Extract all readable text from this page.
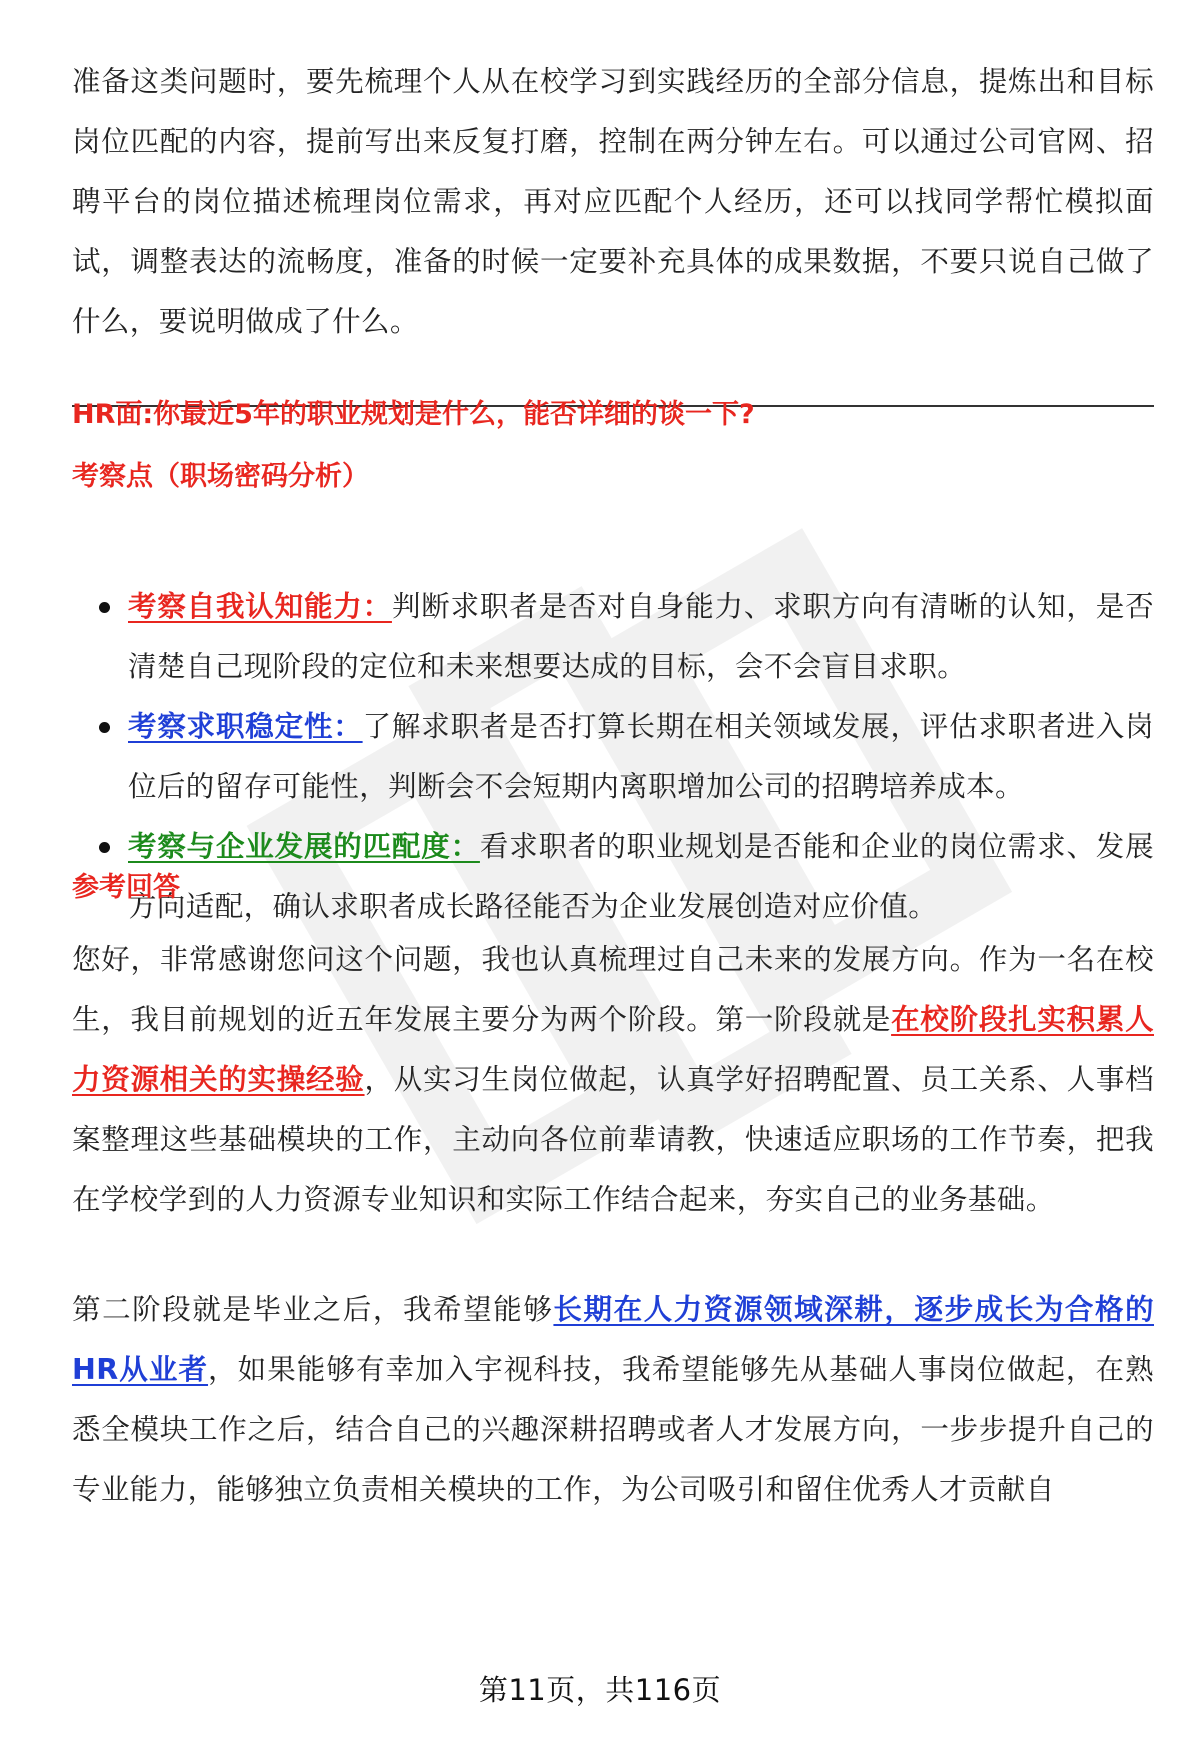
准备这类问题时，要先梳理个人从在校学习到实践经历的全部分信息，提炼出和目标岗位匹配的内容，提前写出来反复打磨，控制在两分钟左右。可以通过公司官网、招聘平台的岗位描述梳理岗位需求，再对应匹配个人经历，还可以找同学帮忙模拟面试，调整表达的流畅度，准备的时候一定要补充具体的成果数据，不要只说自己做了什么，要说明做成了什么。

HR面:你最近5年的职业规划是什么，能否详细的谈一下?
考察点（职场密码分析）
考察自我认知能力：判断求职者是否对自身能力、求职方向有清晰的认知，是否清楚自己现阶段的定位和未来想要达成的目标，会不会盲目求职。
考察求职稳定性：了解求职者是否打算长期在相关领域发展，评估求职者进入岗位后的留存可能性，判断会不会短期内离职增加公司的招聘培养成本。
考察与企业发展的匹配度：看求职者的职业规划是否能和企业的岗位需求、发展方向适配，确认求职者成长路径能否为企业发展创造对应价值。
参考回答

您好，非常感谢您问这个问题，我也认真梳理过自己未来的发展方向。作为一名在校生，我目前规划的近五年发展主要分为两个阶段。第一阶段就是在校阶段扎实积累人力资源相关的实操经验，从实习生岗位做起，认真学好招聘配置、员工关系、人事档案整理这些基础模块的工作，主动向各位前辈请教，快速适应职场的工作节奏，把我在学校学到的人力资源专业知识和实际工作结合起来，夯实自己的业务基础。

第二阶段就是毕业之后，我希望能够长期在人力资源领域深耕，逐步成长为合格的HR从业者，如果能够有幸加入宇视科技，我希望能够先从基础人事岗位做起，在熟悉全模块工作之后，结合自己的兴趣深耕招聘或者人才发展方向，一步步提升自己的专业能力，能够独立负责相关模块的工作，为公司吸引和留住优秀人才贡献自

第11页，共116页
